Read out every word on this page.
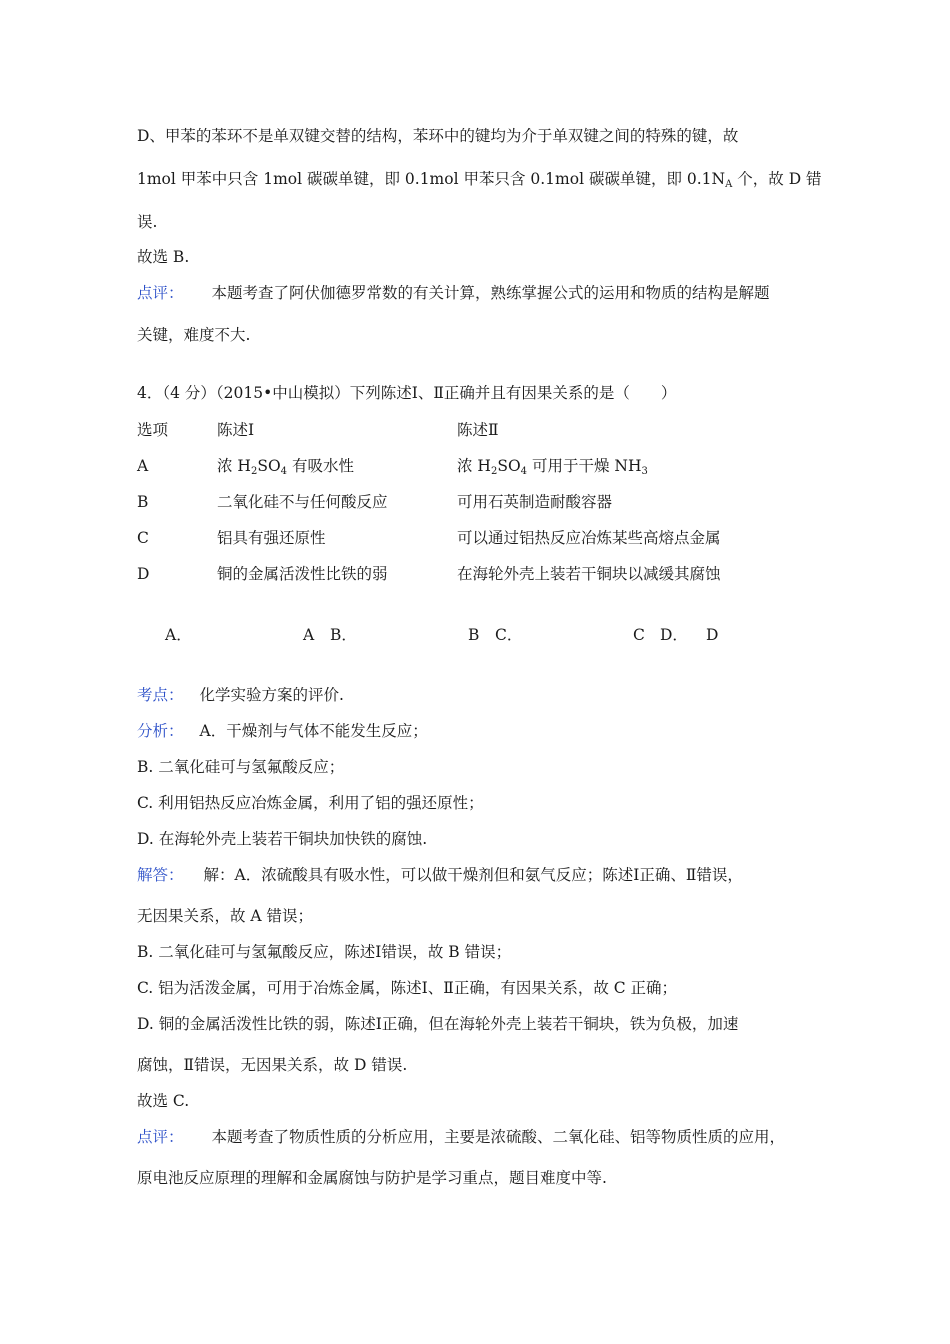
D、甲苯的苯环不是单双键交替的结构，苯环中的键均为介于单双键之间的特殊的键，故
1mol 甲苯中只含 1mol 碳碳单键，即 0.1mol 甲苯只含 0.1mol 碳碳单键，即 $0.1N_A$ 个，故 D 错
误.
故选 B.
点评： 本题考查了阿伏伽德罗常数的有关计算，熟练掌握公式的运用和物质的结构是解题
关键，难度不大.
4．（4 分）（2015•中山模拟）下列陈述Ⅰ、Ⅱ正确并且有因果关系的是（　　）
选项	陈述Ⅰ	陈述Ⅱ
A	浓 $H_2SO_4$ 有吸水性	浓 $H_2SO_4$ 可用于干燥 $NH_3$
B	二氧化硅不与任何酸反应	可用石英制造耐酸容器
C	铝具有强还原性	可以通过铝热反应冶炼某些高熔点金属
D	铜的金属活泼性比铁的弱	在海轮外壳上装若干铜块以减缓其腐蚀
A．	A B．	B C．	C D． D
考点： 化学实验方案的评价.
分析： A．干燥剂与气体不能发生反应；
B. 二氧化硅可与氢氟酸反应；
C. 利用铝热反应冶炼金属，利用了铝的强还原性；
D. 在海轮外壳上装若干铜块加快铁的腐蚀.
解答： 解：A．浓硫酸具有吸水性，可以做干燥剂但和氨气反应；陈述Ⅰ正确、Ⅱ错误，
无因果关系，故 A 错误；
B. 二氧化硅可与氢氟酸反应，陈述Ⅰ错误，故 B 错误；
C. 铝为活泼金属，可用于冶炼金属，陈述Ⅰ、Ⅱ正确，有因果关系，故 C 正确；
D. 铜的金属活泼性比铁的弱，陈述Ⅰ正确，但在海轮外壳上装若干铜块，铁为负极，加速
腐蚀，Ⅱ错误，无因果关系，故 D 错误.
故选 C.
点评： 本题考查了物质性质的分析应用，主要是浓硫酸、二氧化硅、铝等物质性质的应用，
原电池反应原理的理解和金属腐蚀与防护是学习重点，题目难度中等.
